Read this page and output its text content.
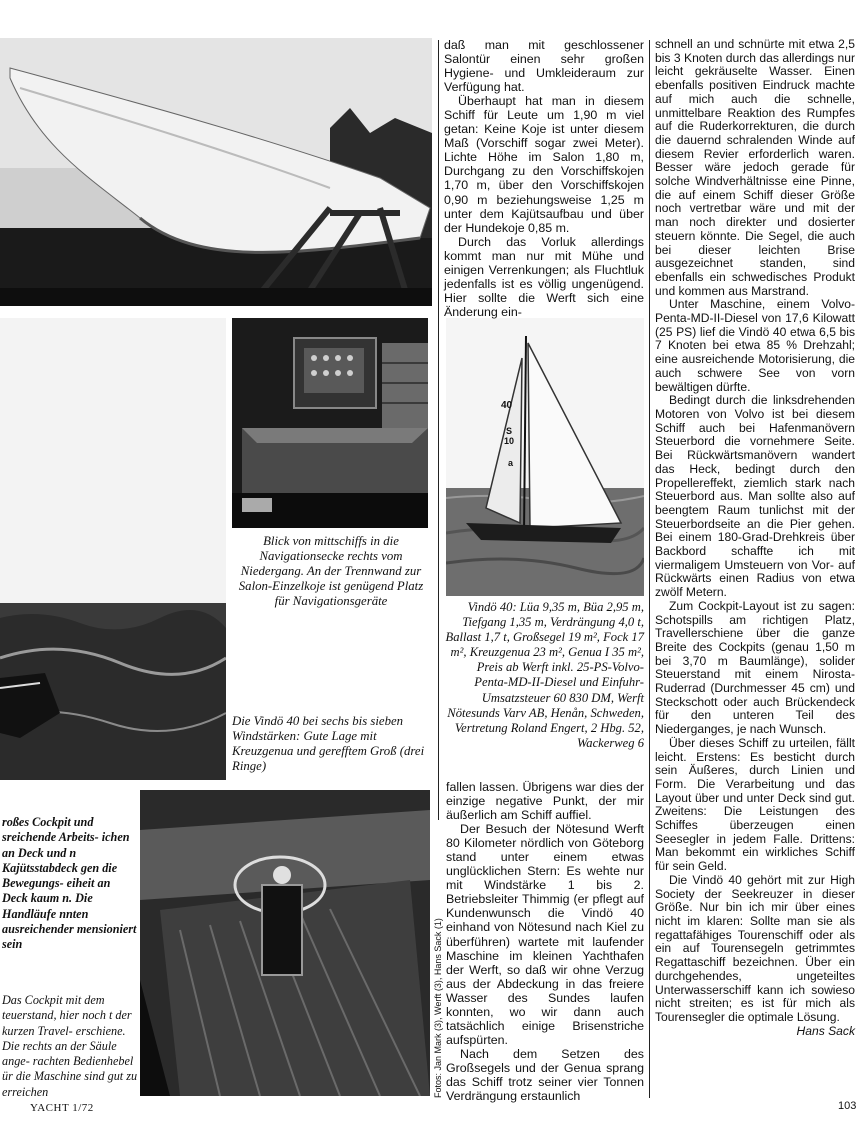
40
S
10
a
Blick von mittschiffs in die Navigationsecke rechts vom Niedergang. An der Trennwand zur Salon-Einzelkoje ist genügend Platz für Navigationsgeräte
Die Vindö 40 bei sechs bis sieben Windstärken: Gute Lage mit Kreuzgenua und gerefftem Groß (drei Ringe)
Vindö 40: Lüa 9,35 m, Büa 2,95 m, Tiefgang 1,35 m, Verdrängung 4,0 t, Ballast 1,7 t, Großsegel 19 m², Fock 17 m², Kreuzgenua 23 m², Genua I 35 m², Preis ab Werft inkl. 25-PS-Volvo-Penta-MD-II-Diesel und Einfuhr-Umsatzsteuer 60 830 DM, Werft Nötesunds Varv AB, Henån, Schweden, Vertretung Roland Engert, 2 Hbg. 52, Wackerweg 6
roßes Cockpit und sreichende Arbeits- ichen an Deck und n Kajütsstabdeck gen die Bewegungs- eiheit an Deck kaum n. Die Handläufe nnten ausreichender mensioniert sein
Das Cockpit mit dem teuerstand, hier noch t der kurzen Travel- erschiene. Die rechts an der Säule ange- rachten Bedienhebel ür die Maschine sind gut zu erreichen

daß man mit geschlossener Salontür einen sehr großen Hygiene- und Umkleideraum zur Verfügung hat.

Überhaupt hat man in diesem Schiff für Leute um 1,90 m viel getan: Keine Koje ist unter diesem Maß (Vorschiff sogar zwei Meter). Lichte Höhe im Salon 1,80 m, Durchgang zu den Vorschiffskojen 1,70 m, über den Vorschiffskojen 0,90 m beziehungsweise 1,25 m unter dem Kajütsaufbau und über der Hundekoje 0,85 m.

Durch das Vorluk allerdings kommt man nur mit Mühe und einigen Verrenkungen; als Fluchtluk jedenfalls ist es völlig ungenügend. Hier sollte die Werft sich eine Änderung ein-

fallen lassen. Übrigens war dies der einzige negative Punkt, der mir äußerlich am Schiff auffiel.

Der Besuch der Nötesund Werft 80 Kilometer nördlich von Göteborg stand unter einem etwas unglücklichen Stern: Es wehte nur mit Windstärke 1 bis 2. Betriebsleiter Thimmig (er pflegt auf Kundenwunsch die Vindö 40 einhand von Nötesund nach Kiel zu überführen) wartete mit laufender Maschine im kleinen Yachthafen der Werft, so daß wir ohne Verzug aus der Abdeckung in das freiere Wasser des Sundes laufen konnten, wo wir dann auch tatsächlich einige Brisenstriche aufspürten.

Nach dem Setzen des Großsegels und der Genua sprang das Schiff trotz seiner vier Tonnen Verdrängung erstaunlich

schnell an und schnürte mit etwa 2,5 bis 3 Knoten durch das allerdings nur leicht gekräuselte Wasser. Einen ebenfalls positiven Eindruck machte auf mich auch die schnelle, unmittelbare Reaktion des Rumpfes auf die Ruderkorrekturen, die durch die dauernd schralenden Winde auf diesem Revier erforderlich waren. Besser wäre jedoch gerade für solche Windverhältnisse eine Pinne, die auf einem Schiff dieser Größe noch vertretbar wäre und mit der man noch direkter und dosierter steuern könnte. Die Segel, die auch bei dieser leichten Brise ausgezeichnet standen, sind ebenfalls ein schwedisches Produkt und kommen aus Marstrand.

Unter Maschine, einem Volvo-Penta-MD-II-Diesel von 17,6 Kilowatt (25 PS) lief die Vindö 40 etwa 6,5 bis 7 Knoten bei etwa 85 % Drehzahl; eine ausreichende Motorisierung, die auch schwere See von vorn bewältigen dürfte.

Bedingt durch die linksdrehenden Motoren von Volvo ist bei diesem Schiff auch bei Hafenmanövern Steuerbord die vornehmere Seite. Bei Rückwärtsmanövern wandert das Heck, bedingt durch den Propellereffekt, ziemlich stark nach Steuerbord aus. Man sollte also auf beengtem Raum tunlichst mit der Steuerbordseite an die Pier gehen. Bei einem 180-Grad-Drehkreis über Backbord schaffte ich mit viermaligem Umsteuern von Vor- auf Rückwärts einen Radius von etwa zwölf Metern.

Zum Cockpit-Layout ist zu sagen: Schotspills am richtigen Platz, Travellerschiene über die ganze Breite des Cockpits (genau 1,50 m bei 3,70 m Baumlänge), solider Steuerstand mit einem Nirosta-Ruderrad (Durchmesser 45 cm) und Steckschott oder auch Brückendeck für den unteren Teil des Niederganges, je nach Wunsch.

Über dieses Schiff zu urteilen, fällt leicht. Erstens: Es besticht durch sein Äußeres, durch Linien und Form. Die Verarbeitung und das Layout über und unter Deck sind gut. Zweitens: Die Leistungen des Schiffes überzeugen einen Seesegler in jedem Falle. Drittens: Man bekommt ein wirkliches Schiff für sein Geld.

Die Vindö 40 gehört mit zur High Society der Seekreuzer in dieser Größe. Nur bin ich mir über eines nicht im klaren: Sollte man sie als regattafähiges Tourenschiff oder als ein auf Tourensegeln getrimmtes Regattaschiff bezeichnen. Über ein durchgehendes, ungeteiltes Unterwasserschiff kann ich sowieso nicht streiten; es ist für mich als Tourensegler die optimale Lösung.

Hans Sack
Fotos: Jan Mark (3), Werft (3), Hans Sack (1)
YACHT 1/72	103
